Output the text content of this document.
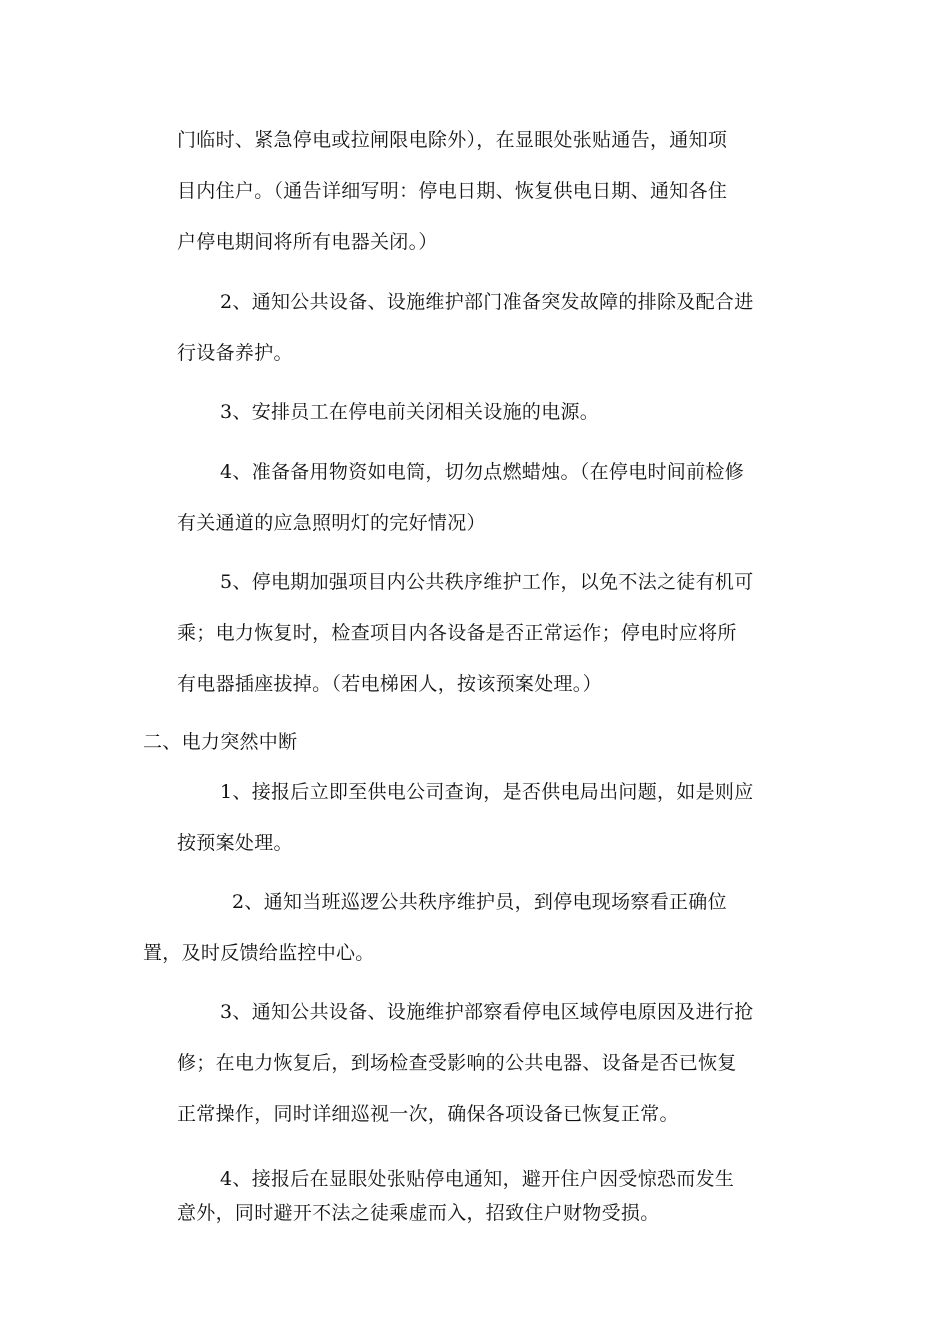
门临时、紧急停电或拉闸限电除外），在显眼处张贴通告，通知项
目内住户。（通告详细写明：停电日期、恢复供电日期、通知各住
户停电期间将所有电器关闭。）
2、通知公共设备、设施维护部门准备突发故障的排除及配合进
行设备养护。
3、安排员工在停电前关闭相关设施的电源。
4、准备备用物资如电筒，切勿点燃蜡烛。（在停电时间前检修
有关通道的应急照明灯的完好情况）
5、停电期加强项目内公共秩序维护工作，以免不法之徒有机可
乘；电力恢复时，检查项目内各设备是否正常运作；停电时应将所
有电器插座拔掉。（若电梯困人，按该预案处理。）
二、电力突然中断
1、接报后立即至供电公司查询，是否供电局出问题，如是则应
按预案处理。
2、通知当班巡逻公共秩序维护员，到停电现场察看正确位
置，及时反馈给监控中心。
3、通知公共设备、设施维护部察看停电区域停电原因及进行抢
修；在电力恢复后，到场检查受影响的公共电器、设备是否已恢复
正常操作，同时详细巡视一次，确保各项设备已恢复正常。
4、接报后在显眼处张贴停电通知，避开住户因受惊恐而发生
意外，同时避开不法之徒乘虚而入，招致住户财物受损。
